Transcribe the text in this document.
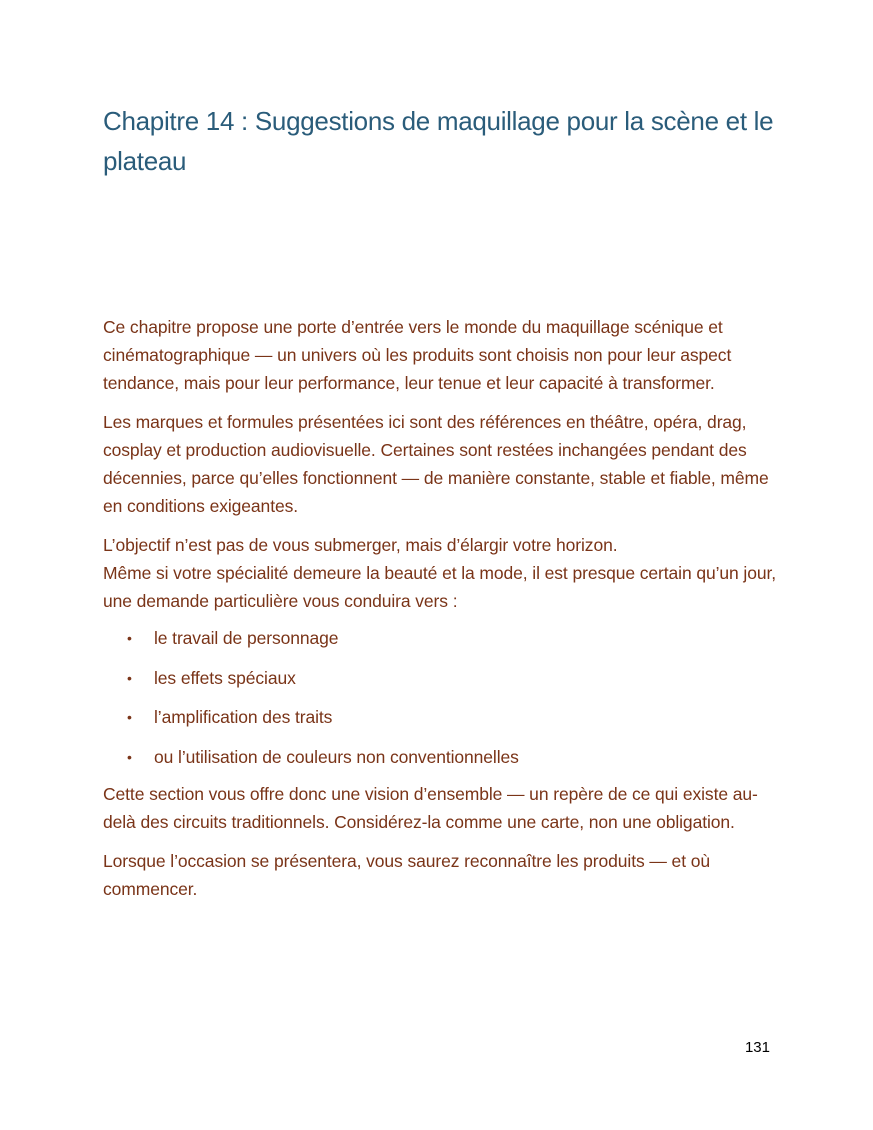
Chapitre 14 : Suggestions de maquillage pour la scène et le plateau

Ce chapitre propose une porte d’entrée vers le monde du maquillage scénique et cinématographique — un univers où les produits sont choisis non pour leur aspect tendance, mais pour leur performance, leur tenue et leur capacité à transformer.

Les marques et formules présentées ici sont des références en théâtre, opéra, drag, cosplay et production audiovisuelle. Certaines sont restées inchangées pendant des décennies, parce qu’elles fonctionnent — de manière constante, stable et fiable, même en conditions exigeantes.

L’objectif n’est pas de vous submerger, mais d’élargir votre horizon.

Même si votre spécialité demeure la beauté et la mode, il est presque certain qu’un jour, une demande particulière vous conduira vers :

• le travail de personnage
• les effets spéciaux
• l’amplification des traits
• ou l’utilisation de couleurs non conventionnelles

Cette section vous offre donc une vision d’ensemble — un repère de ce qui existe au-delà des circuits traditionnels. Considérez-la comme une carte, non une obligation.

Lorsque l’occasion se présentera, vous saurez reconnaître les produits — et où commencer.

131
